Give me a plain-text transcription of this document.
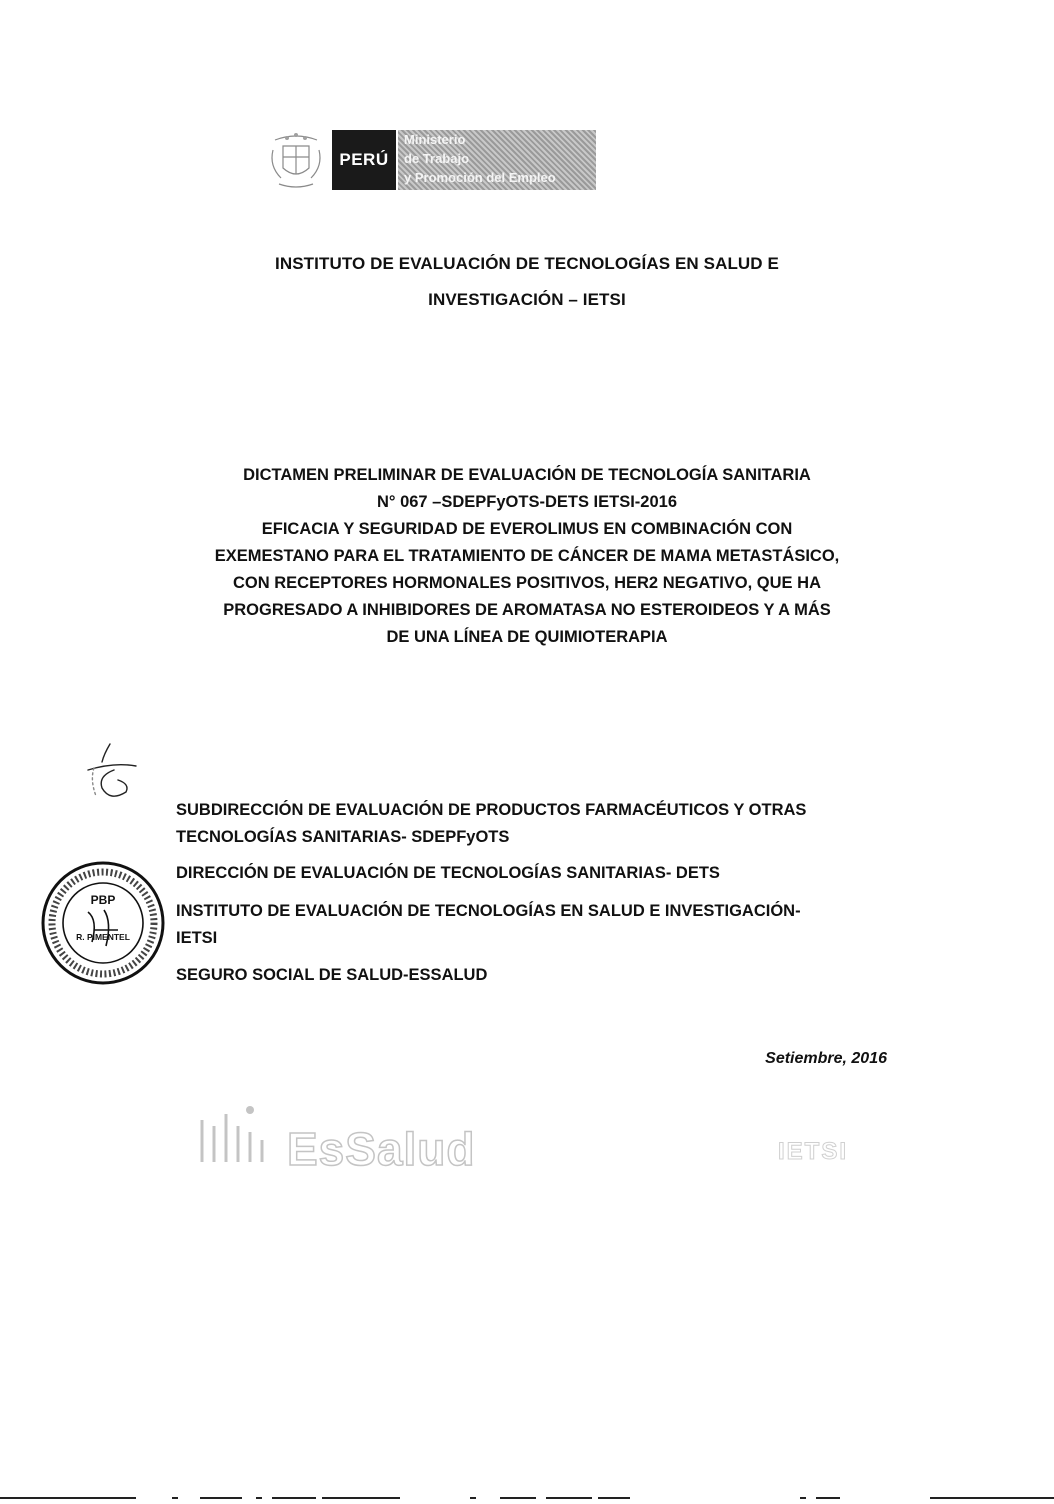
PERÚ
Ministerio
de Trabajo
y Promoción del Empleo
INSTITUTO DE EVALUACIÓN DE TECNOLOGÍAS EN SALUD E
INVESTIGACIÓN – IETSI
DICTAMEN PRELIMINAR DE EVALUACIÓN DE TECNOLOGÍA SANITARIA
N° 067 –SDEPFyOTS-DETS IETSI-2016
EFICACIA Y SEGURIDAD DE EVEROLIMUS EN COMBINACIÓN CON
EXEMESTANO PARA EL TRATAMIENTO DE CÁNCER DE MAMA METASTÁSICO,
CON RECEPTORES HORMONALES POSITIVOS, HER2 NEGATIVO, QUE HA
PROGRESADO A INHIBIDORES DE AROMATASA NO ESTEROIDEOS Y A MÁS
DE UNA LÍNEA DE QUIMIOTERAPIA
PBP
R. PIMENTEL
SUBDIRECCIÓN DE EVALUACIÓN DE PRODUCTOS FARMACÉUTICOS Y OTRAS
TECNOLOGÍAS SANITARIAS- SDEPFyOTS
DIRECCIÓN DE EVALUACIÓN DE TECNOLOGÍAS SANITARIAS- DETS
INSTITUTO DE EVALUACIÓN DE TECNOLOGÍAS EN SALUD E INVESTIGACIÓN-
IETSI
SEGURO SOCIAL DE SALUD-ESSALUD
Setiembre, 2016
EsSalud	IETSI
